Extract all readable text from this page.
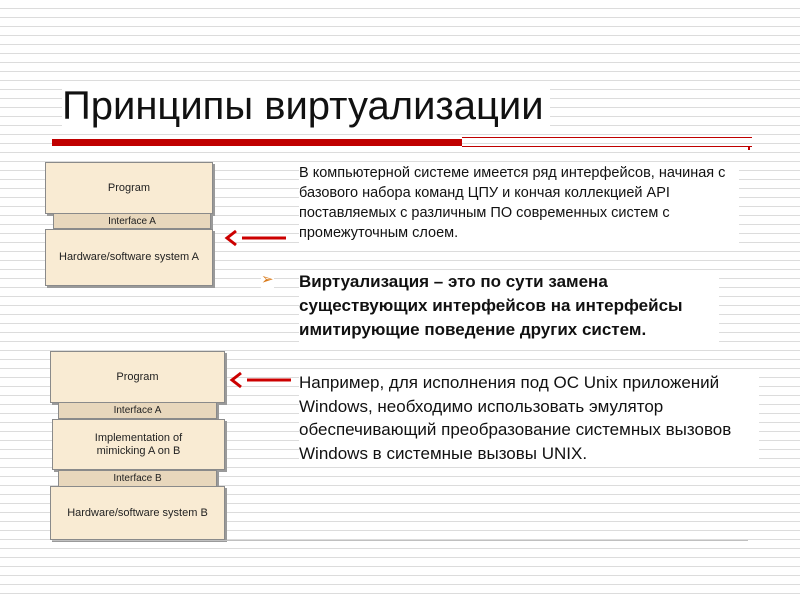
Принципы виртуализации
Program
Interface A
Hardware/software system A
Program
Interface A
Implementation of
mimicking A on B
Interface B
Hardware/software system B
В компьютерной системе имеется ряд интерфейсов, начиная с базового набора команд ЦПУ и кончая коллекцией API поставляемых с различным ПО современных систем с промежуточным слоем.
➢ Виртуализация – это по сути замена существующих интерфейсов на интерфейсы имитирующие поведение других систем.
Например, для исполнения под ОС Unix приложений Windows, необходимо использовать эмулятор обеспечивающий преобразование системных вызовов Windows в системные вызовы UNIX.
